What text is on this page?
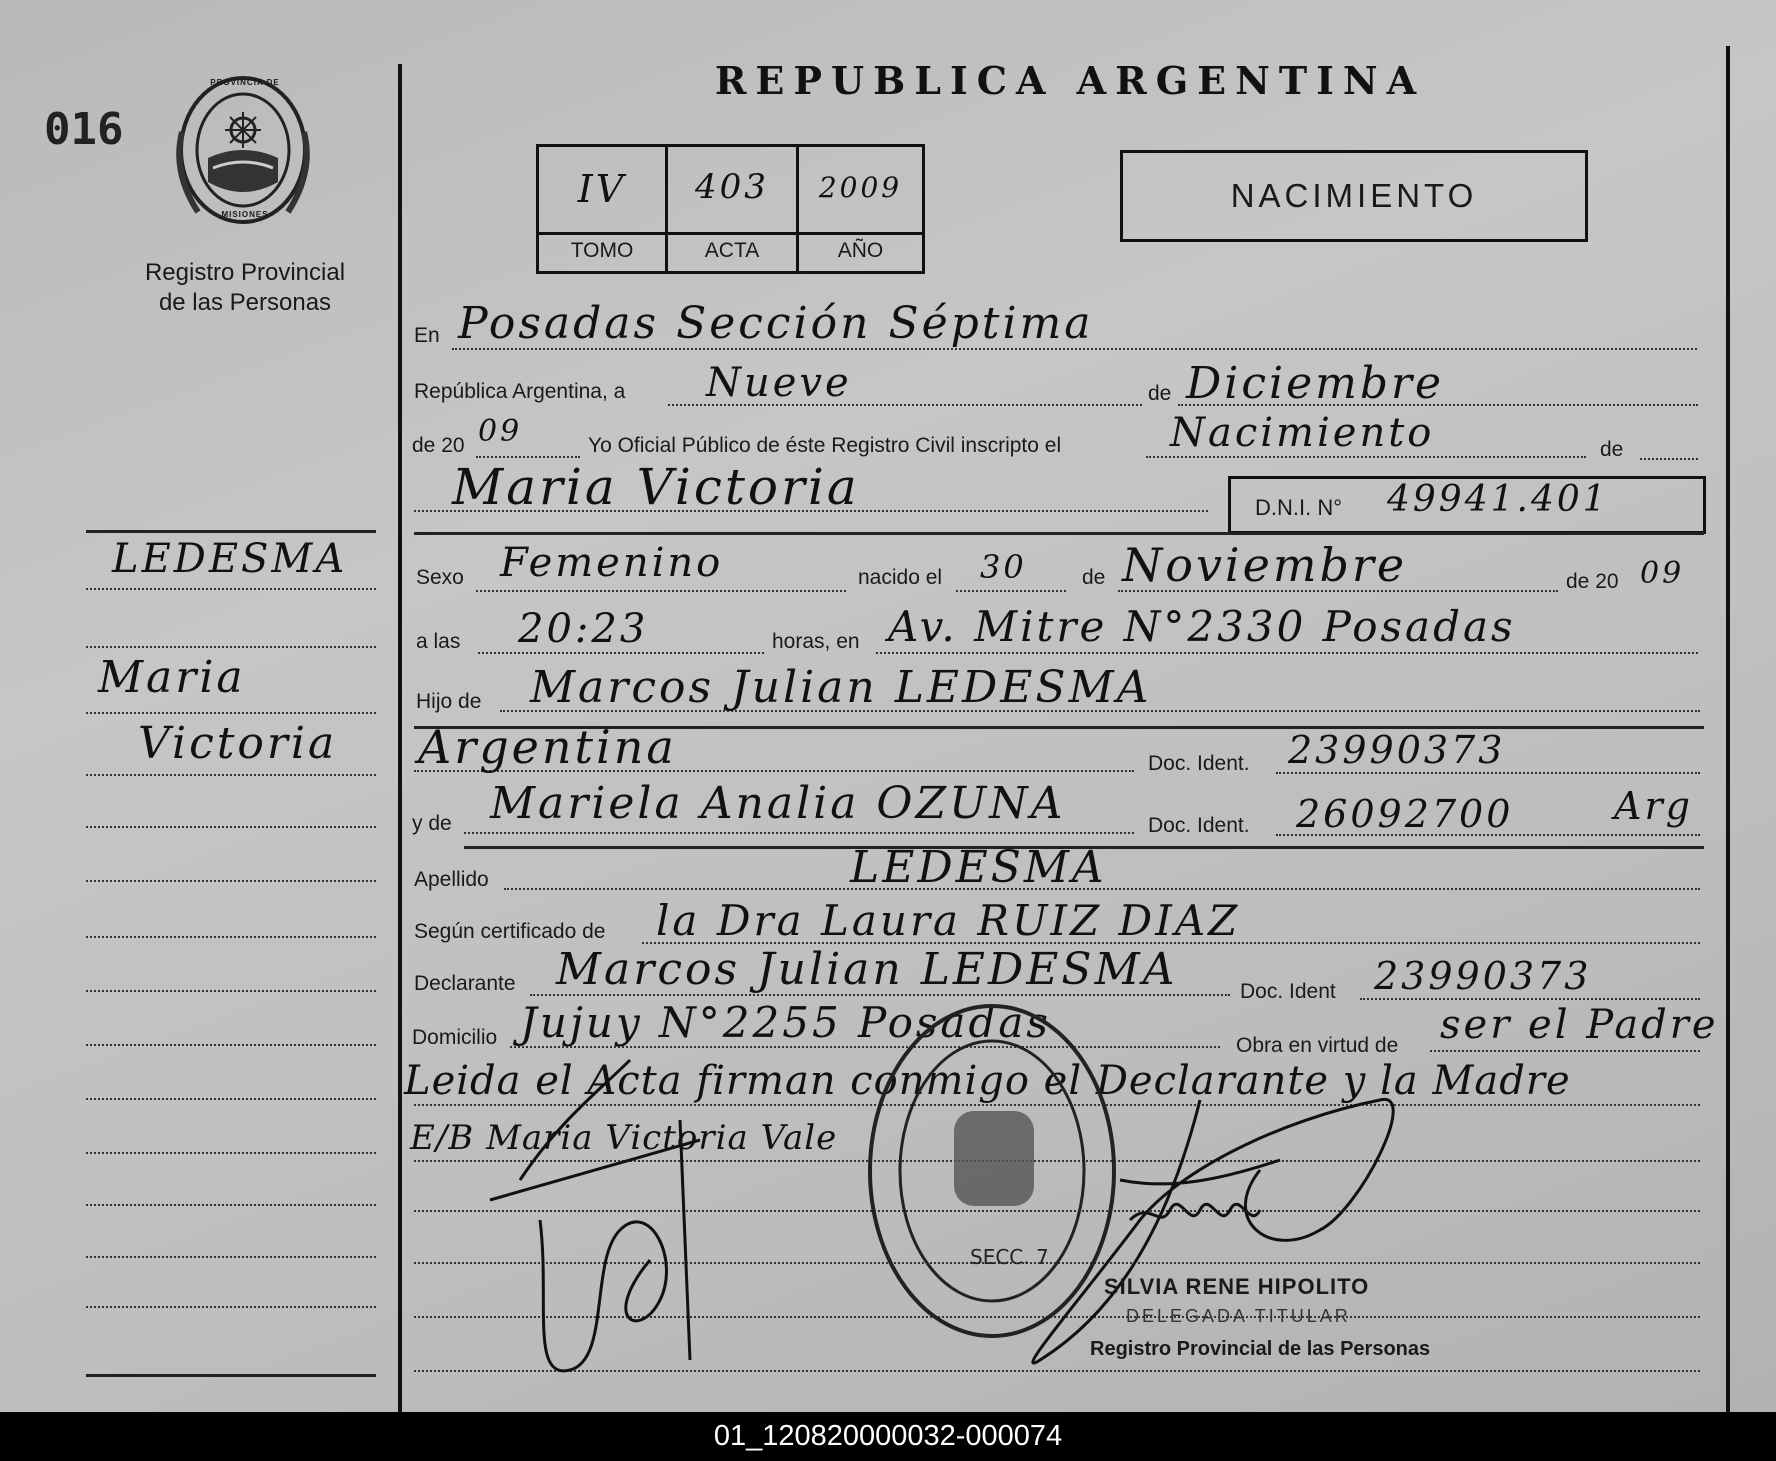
016
PROVINCIA DE
MISIONES
Registro Provincial
de las Personas
REPUBLICA ARGENTINA
IV	403	2009
TOMO	ACTA	AÑO
NACIMIENTO
En Posadas Sección Séptima
República Argentina, a Nueve	de Diciembre
de 20 09	Yo Oficial Público de éste Registro Civil inscripto el	Nacimiento	de
Maria Victoria	D.N.I. N° 49941.401
Sexo Femenino	nacido el 30	de Noviembre	de 20 09
a las 20:23	horas, en Av. Mitre N°2330 Posadas
Hijo de Marcos Julian LEDESMA
Argentina	Doc. Ident. 23990373
y de Mariela Analia OZUNA	Doc. Ident. 26092700	Arg
Apellido	LEDESMA
Según certificado de la Dra Laura RUIZ DIAZ
Declarante Marcos Julian LEDESMA	Doc. Ident 23990373
Domicilio Jujuy N°2255 Posadas	Obra en virtud de ser el Padre
Leida el Acta firman conmigo el Declarante y la Madre
E/B Maria Victoria Vale
SECC. 7
SILVIA RENE HIPOLITO
DELEGADA TITULAR
Registro Provincial de las Personas
LEDESMA
Maria
Victoria
01_120820000032-000074
